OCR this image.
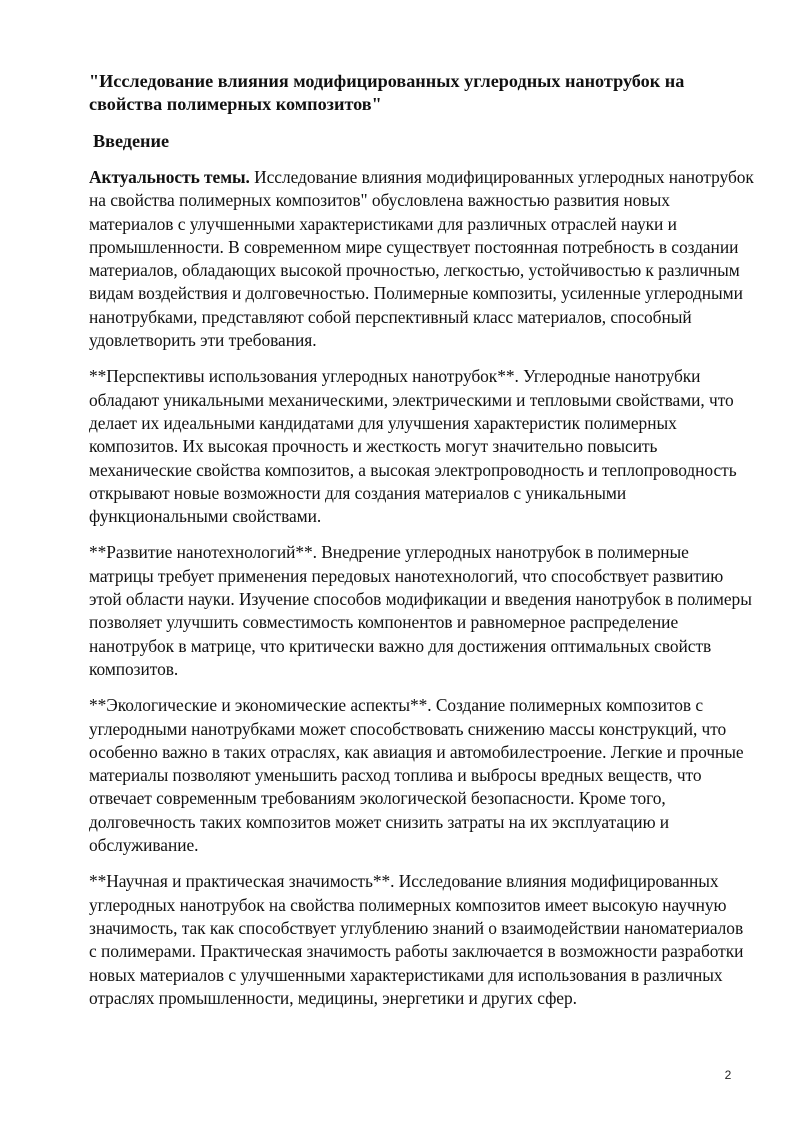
"Исследование влияния модифицированных углеродных нанотрубок на свойства полимерных композитов"
Введение

Актуальность темы. Исследование влияния модифицированных углеродных нанотрубок на свойства полимерных композитов" обусловлена важностью развития новых материалов с улучшенными характеристиками для различных отраслей науки и промышленности. В современном мире существует постоянная потребность в создании материалов, обладающих высокой прочностью, легкостью, устойчивостью к различным видам воздействия и долговечностью. Полимерные композиты, усиленные углеродными нанотрубками, представляют собой перспективный класс материалов, способный удовлетворить эти требования.

**Перспективы использования углеродных нанотрубок**. Углеродные нанотрубки обладают уникальными механическими, электрическими и тепловыми свойствами, что делает их идеальными кандидатами для улучшения характеристик полимерных композитов. Их высокая прочность и жесткость могут значительно повысить механические свойства композитов, а высокая электропроводность и теплопроводность открывают новые возможности для создания материалов с уникальными функциональными свойствами.

**Развитие нанотехнологий**. Внедрение углеродных нанотрубок в полимерные матрицы требует применения передовых нанотехнологий, что способствует развитию этой области науки. Изучение способов модификации и введения нанотрубок в полимеры позволяет улучшить совместимость компонентов и равномерное распределение нанотрубок в матрице, что критически важно для достижения оптимальных свойств композитов.

**Экологические и экономические аспекты**. Создание полимерных композитов с углеродными нанотрубками может способствовать снижению массы конструкций, что особенно важно в таких отраслях, как авиация и автомобилестроение. Легкие и прочные материалы позволяют уменьшить расход топлива и выбросы вредных веществ, что отвечает современным требованиям экологической безопасности. Кроме того, долговечность таких композитов может снизить затраты на их эксплуатацию и обслуживание.

**Научная и практическая значимость**. Исследование влияния модифицированных углеродных нанотрубок на свойства полимерных композитов имеет высокую научную значимость, так как способствует углублению знаний о взаимодействии наноматериалов с полимерами. Практическая значимость работы заключается в возможности разработки новых материалов с улучшенными характеристиками для использования в различных отраслях промышленности, медицины, энергетики и других сфер.

2
